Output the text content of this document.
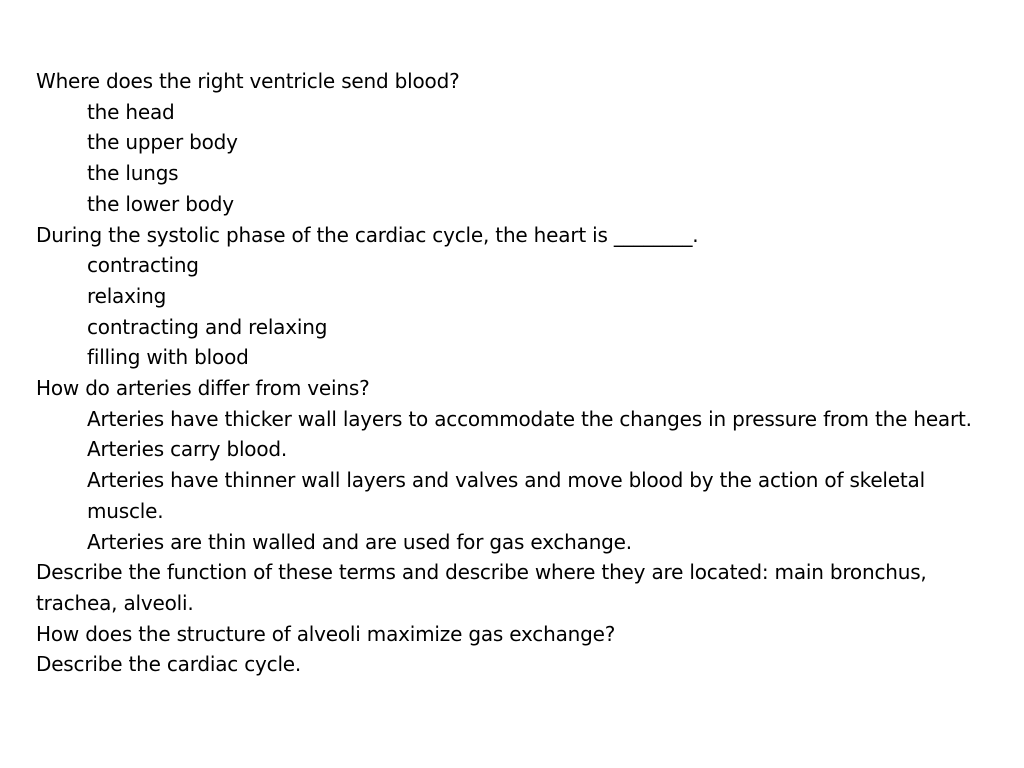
Where does the right ventricle send blood?

the head
the upper body
the lungs
the lower body

During the systolic phase of the cardiac cycle, the heart is ________.

contracting
relaxing
contracting and relaxing
filling with blood

How do arteries differ from veins?

Arteries have thicker wall layers to accommodate the changes in pressure from the heart.
Arteries carry blood.
Arteries have thinner wall layers and valves and move blood by the action of skeletal muscle.
Arteries are thin walled and are used for gas exchange.

Describe the function of these terms and describe where they are located: main bronchus, trachea, alveoli.

How does the structure of alveoli maximize gas exchange?

Describe the cardiac cycle.
